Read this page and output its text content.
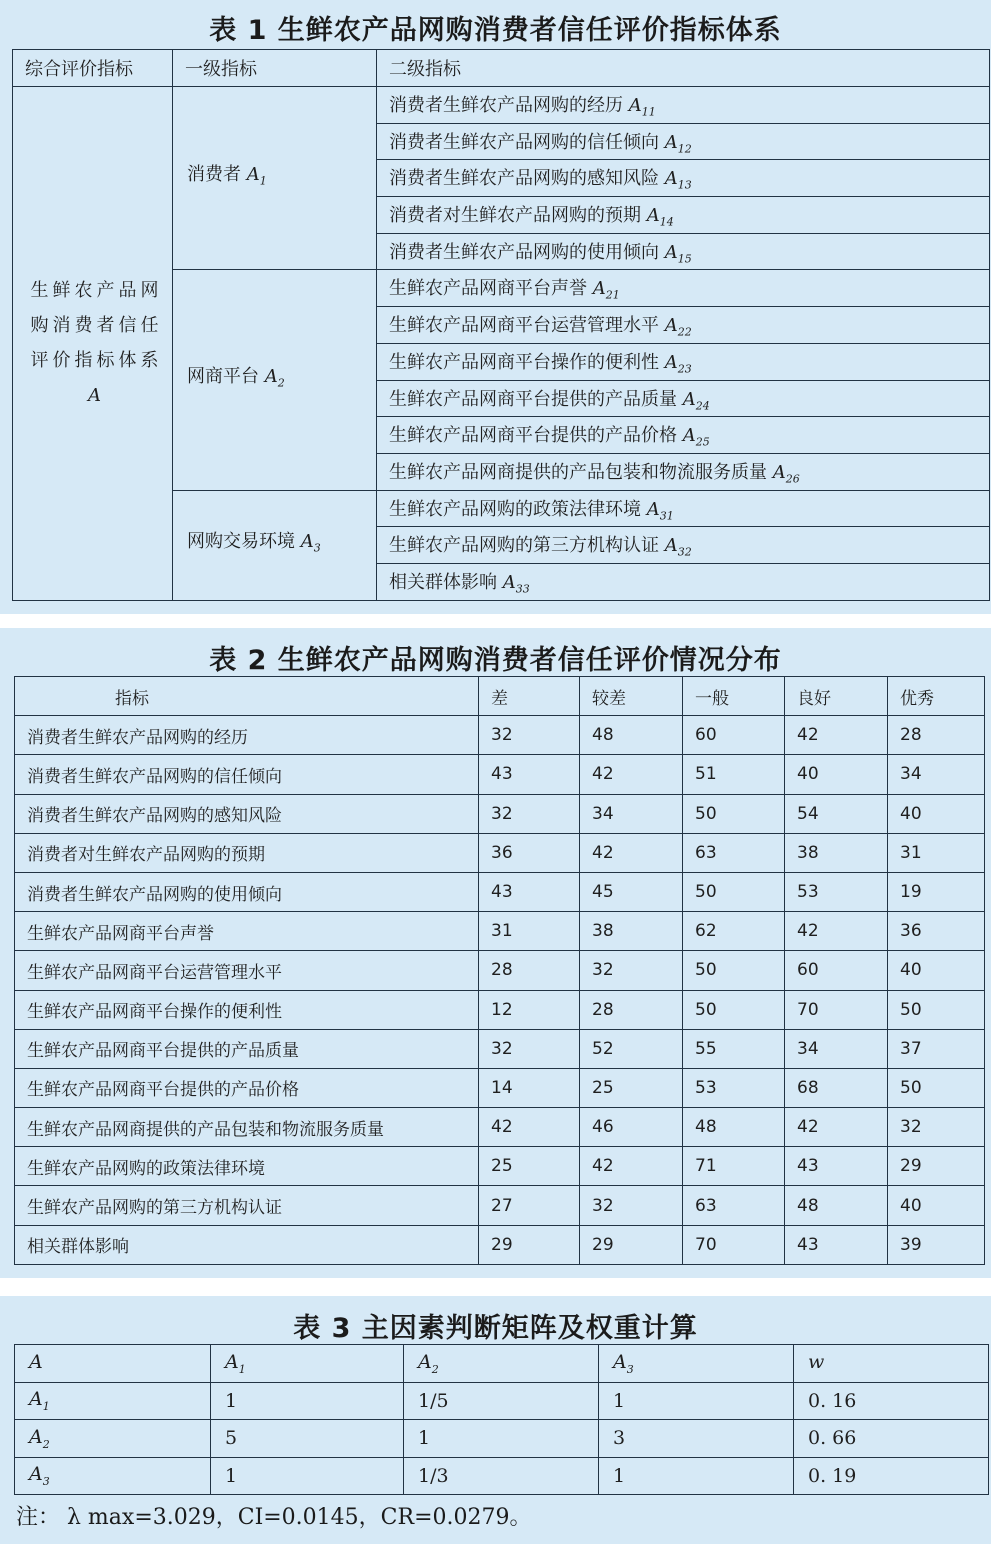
表 1 生鲜农产品网购消费者信任评价指标体系
综合评价指标	一级指标	二级指标
生鲜农产品网购消费者信任评价指标体系 A	消费者 $A_1$	消费者生鲜农产品网购的经历 $A_{11}$
		消费者生鲜农产品网购的信任倾向 $A_{12}$
		消费者生鲜农产品网购的感知风险 $A_{13}$
		消费者对生鲜农产品网购的预期 $A_{14}$
		消费者生鲜农产品网购的使用倾向 $A_{15}$
	网商平台 $A_2$	生鲜农产品网商平台声誉 $A_{21}$
		生鲜农产品网商平台运营管理水平 $A_{22}$
		生鲜农产品网商平台操作的便利性 $A_{23}$
		生鲜农产品网商平台提供的产品质量 $A_{24}$
		生鲜农产品网商平台提供的产品价格 $A_{25}$
		生鲜农产品网商提供的产品包装和物流服务质量 $A_{26}$
	网购交易环境 $A_3$	生鲜农产品网购的政策法律环境 $A_{31}$
		生鲜农产品网购的第三方机构认证 $A_{32}$
		相关群体影响 $A_{33}$
表 2 生鲜农产品网购消费者信任评价情况分布
指标	差	较差	一般	良好	优秀
消费者生鲜农产品网购的经历	32	48	60	42	28
消费者生鲜农产品网购的信任倾向	43	42	51	40	34
消费者生鲜农产品网购的感知风险	32	34	50	54	40
消费者对生鲜农产品网购的预期	36	42	63	38	31
消费者生鲜农产品网购的使用倾向	43	45	50	53	19
生鲜农产品网商平台声誉	31	38	62	42	36
生鲜农产品网商平台运营管理水平	28	32	50	60	40
生鲜农产品网商平台操作的便利性	12	28	50	70	50
生鲜农产品网商平台提供的产品质量	32	52	55	34	37
生鲜农产品网商平台提供的产品价格	14	25	53	68	50
生鲜农产品网商提供的产品包装和物流服务质量	42	46	48	42	32
生鲜农产品网购的政策法律环境	25	42	71	43	29
生鲜农产品网购的第三方机构认证	27	32	63	48	40
相关群体影响	29	29	70	43	39
表 3 主因素判断矩阵及权重计算
A	$A_1$	$A_2$	$A_3$	w
$A_1$	1	1/5	1	0. 16
$A_2$	5	1	3	0. 66
$A_3$	1	1/3	1	0. 19
注： λ max=3.029，CI=0.0145，CR=0.0279。
